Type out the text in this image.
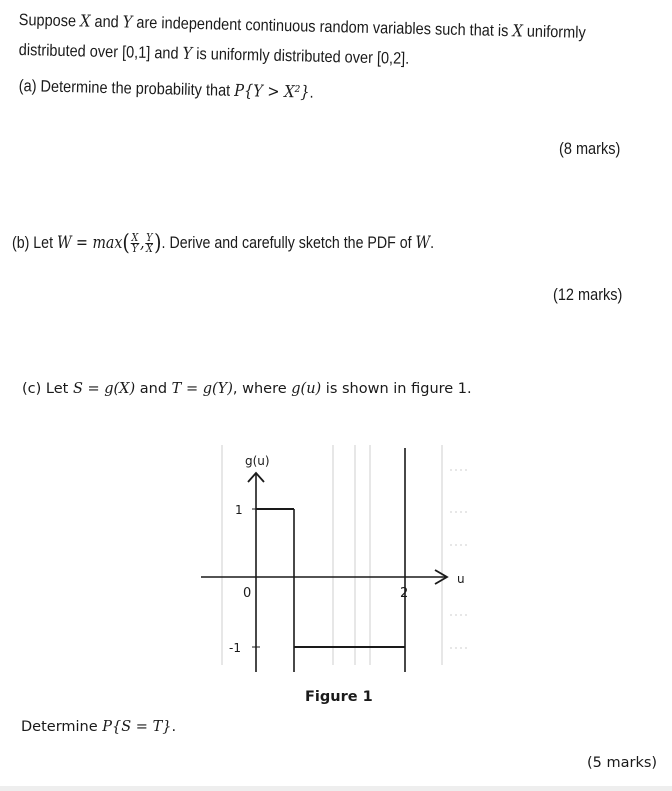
Suppose X and Y are independent continuous random variables such that is X uniformly

distributed over [0,1] and Y is uniformly distributed over [0,2].

(a) Determine the probability that P{Y > X²}.

(8 marks)

(b) Let $W = \max( \frac{X}{Y}$ , $\frac{Y}{X}$ ). Derive and carefully sketch the PDF of W.

(12 marks)

(c) Let S = g(X) and T = g(Y), where g(u) is shown in figure 1.

g(u)
u
1
-1
0	2

Figure 1

Determine P{S = T}.

(5 marks)
